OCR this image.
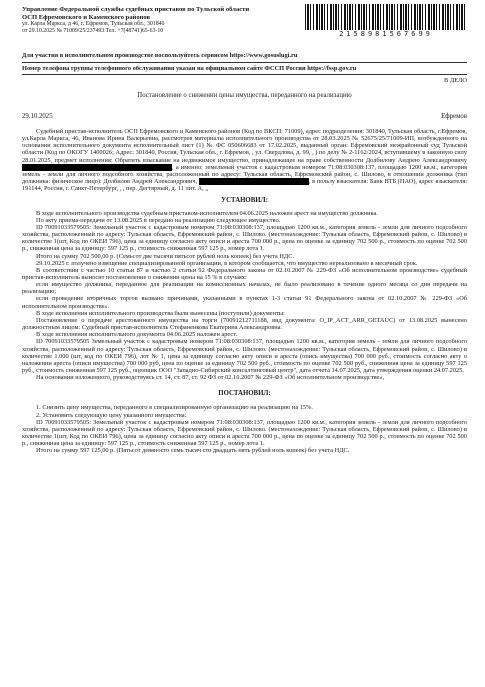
Управление Федеральной службы судебных приставов по Тульской области
ОСП Ефремовского и Каменского районов
ул. Карла Маркса, д 46, г. Ефремов, Тульская обл., 301840
от 29.10.2025 № 71009/25/237493 Тел. +7(48741)65-63-10	2158981567699
Для участия в исполнительном производстве воспользуйтесь сервисом https://www.gosuslugi.ru
Номер телефона группы телефонного обслуживания указан на официальном сайте ФССП России https://fssp.gov.ru
В ДЕЛО
Постановление о снижении цены имущества, переданного на реализацию
29.10.2025	Ефремов

Судебный пристав-исполнитель ОСП Ефремовского и Каменского районов (Код по ВКСП: 71009), адрес подразделения: 301840, Тульская область, г.Ефремов, ул.Карла Маркса, 46, Иванова Ирина Валерьевна, рассмотрев материалы исполнительного производства от 28.03.2025 № 52675/25/71009-ИП, возбужденного на основании исполнительного документа исполнительный лист (1) № ФС 050606683 от 17.02.2025, выданный орган: Ефремовский межрайонный суд Тульской области (Код по ОКОГУ 1400026; Адрес: 301840, Россия, Тульская обл., г. Ефремов, , ул. Свердлова, д. 99, , ) по делу № 2-1162/2024, вступившему в законную силу 28.01.2025, предмет исполнения: Обратить взыскание на недвижимое имущество, принадлежащее на праве собственности Долбилову Андрею Александровичу , а именно: земельный участок с кадастровым номером 71:08:030308:137, площадью 1200 кв.м., категория земель - земли для личного подсобного хозяйства, расположенный по адресу: Тульская область, Ефремовский район, с. Шилово, в отношении должника (тип должника: физическое лицо): Долбилов Андрей Александрович,	, в пользу взыскателя: Банк ВТБ (ПАО), адрес взыскателя: 191144, Россия, г. Санкт-Петербург, , , пер. Дегтярный, д. 11 лит. А, ,,

УСТАНОВИЛ:

В ходе исполнительного производства судебным приставом-исполнителем 04.06.2025 наложен арест на имущество должника.

По акту приема-передачи от 13.08.2025 в передано на реализацию следующее имущество.

ID 70091033579505: Земельный участок с кадастровым номером 71:08:030308:137, площадью 1200 кв.м., категория земель - земли для личного подсобного хозяйства, расположенный по адресу: Тульская область, Ефремовский район, с. Шилово. (местонахождение: Тульская область, Ефремовский район, с. Шилово) в количестве 1(шт, Код по ОКЕИ 796), цена за единицу согласно акту описи и ареста 700 000 р., цена по оценке за единицу 702 500 р., стоимость по оценке 702 500 р., сниженная цена за единицу: 597 125 р., стоимость сниженная 597 125 р., номер лота 1.

Итого на сумму 702 500,00 р. (Семьсот две тысячи пятьсот рублей ноль копеек) без учета НДС.

29.10.2025 г. получено извещение специализированной организации, в котором сообщается, что имущество нереализовано в месячный срок.

В соответствии с частью 10 статьи 87 и частью 2 статьи 92 Федерального закона от 02.10.2007 № 229-ФЗ «Об исполнительном производстве» судебный пристав-исполнитель выносит постановление о снижении цены на 15 % в случаях:

если имущество должника, переданное для реализации на комиссионных началах, не было реализовано в течение одного месяца со дня передачи на реализацию;

если проведение вторичных торгов вызвано причинами, указанными в пунктах 1-3 статьи 91 Федерального закона от 02.10.2007 № 229-ФЗ «Об исполнительном производстве».

В ходе исполнения исполнительного производства были вынесены (поступили) документы:

Постановление о передаче арестованного имущества на торги (70091212711188, вид документа: O_IP_ACT_ARR_GETAUC) от 13.08.2025 вынесено должностным лицом: Судебный пристав-исполнитель Стефаненкова Екатерина Александровна.

В ходе исполнения исполнительного документа 04.06.2025 наложен арест.

ID 70091033579505 Земельный участок с кадастровым номером 71:08:030308:137, площадью 1200 кв.м., категория земель - земли для личного подсобного хозяйства, расположенный по адресу: Тульская область, Ефремовский район, с. Шилово. (местонахождение: Тульская область, Ефремовский район, с. Шилово) в количестве 1.000 (шт, код по ОКЕИ 796), лот № 1, цена за единицу согласно акту описи и ареста (опись имущества) 700 000 руб., стоимость согласно акту о наложении ареста (описи имущества) 700 000 руб, цена по оценке за единицу 702 500 руб., стоимость по оценке 702 500 руб., сниженная цена за единицу 597 125 руб., стоимость сниженная 597 125 руб., оценщик ООО "Западно-Сибирский консалтинговый центр", дата отчета 14.07.2025, дата утверждения оценки 24.07.2025.

На основании изложенного, руководствуясь ст. 14, ст. 87, ст. 92 ФЗ от 02.10.2007 № 229-ФЗ «Об исполнительном производстве»,

ПОСТАНОВИЛ:

1. Снизить цену имущества, переданного в специализированную организацию на реализацию на 15%.

2. Установить следующую цену указанного имущества:

ID 70091033579505: Земельный участок с кадастровым номером 71:08:030308:137, площадью 1200 кв.м., категория земель - земли для личного подсобного хозяйства, расположенный по адресу: Тульская область, Ефремовский район, с. Шилово. (местонахождение: Тульская область, Ефремовский район, с. Шилово) в количестве 1(шт, Код по ОКЕИ 796), цена за единицу согласно акту описи и ареста 700 000 р., цена по оценке за единицу 702 500 р., стоимость по оценке 702 500 р., сниженная цена за единицу: 597 125 р., стоимость сниженная 597 125 р., номер лота 1.

Итого на сумму 597 125,00 р. (Пятьсот девяносто семь тысяч сто двадцать пять рублей ноль копеек) без учета НДС.
